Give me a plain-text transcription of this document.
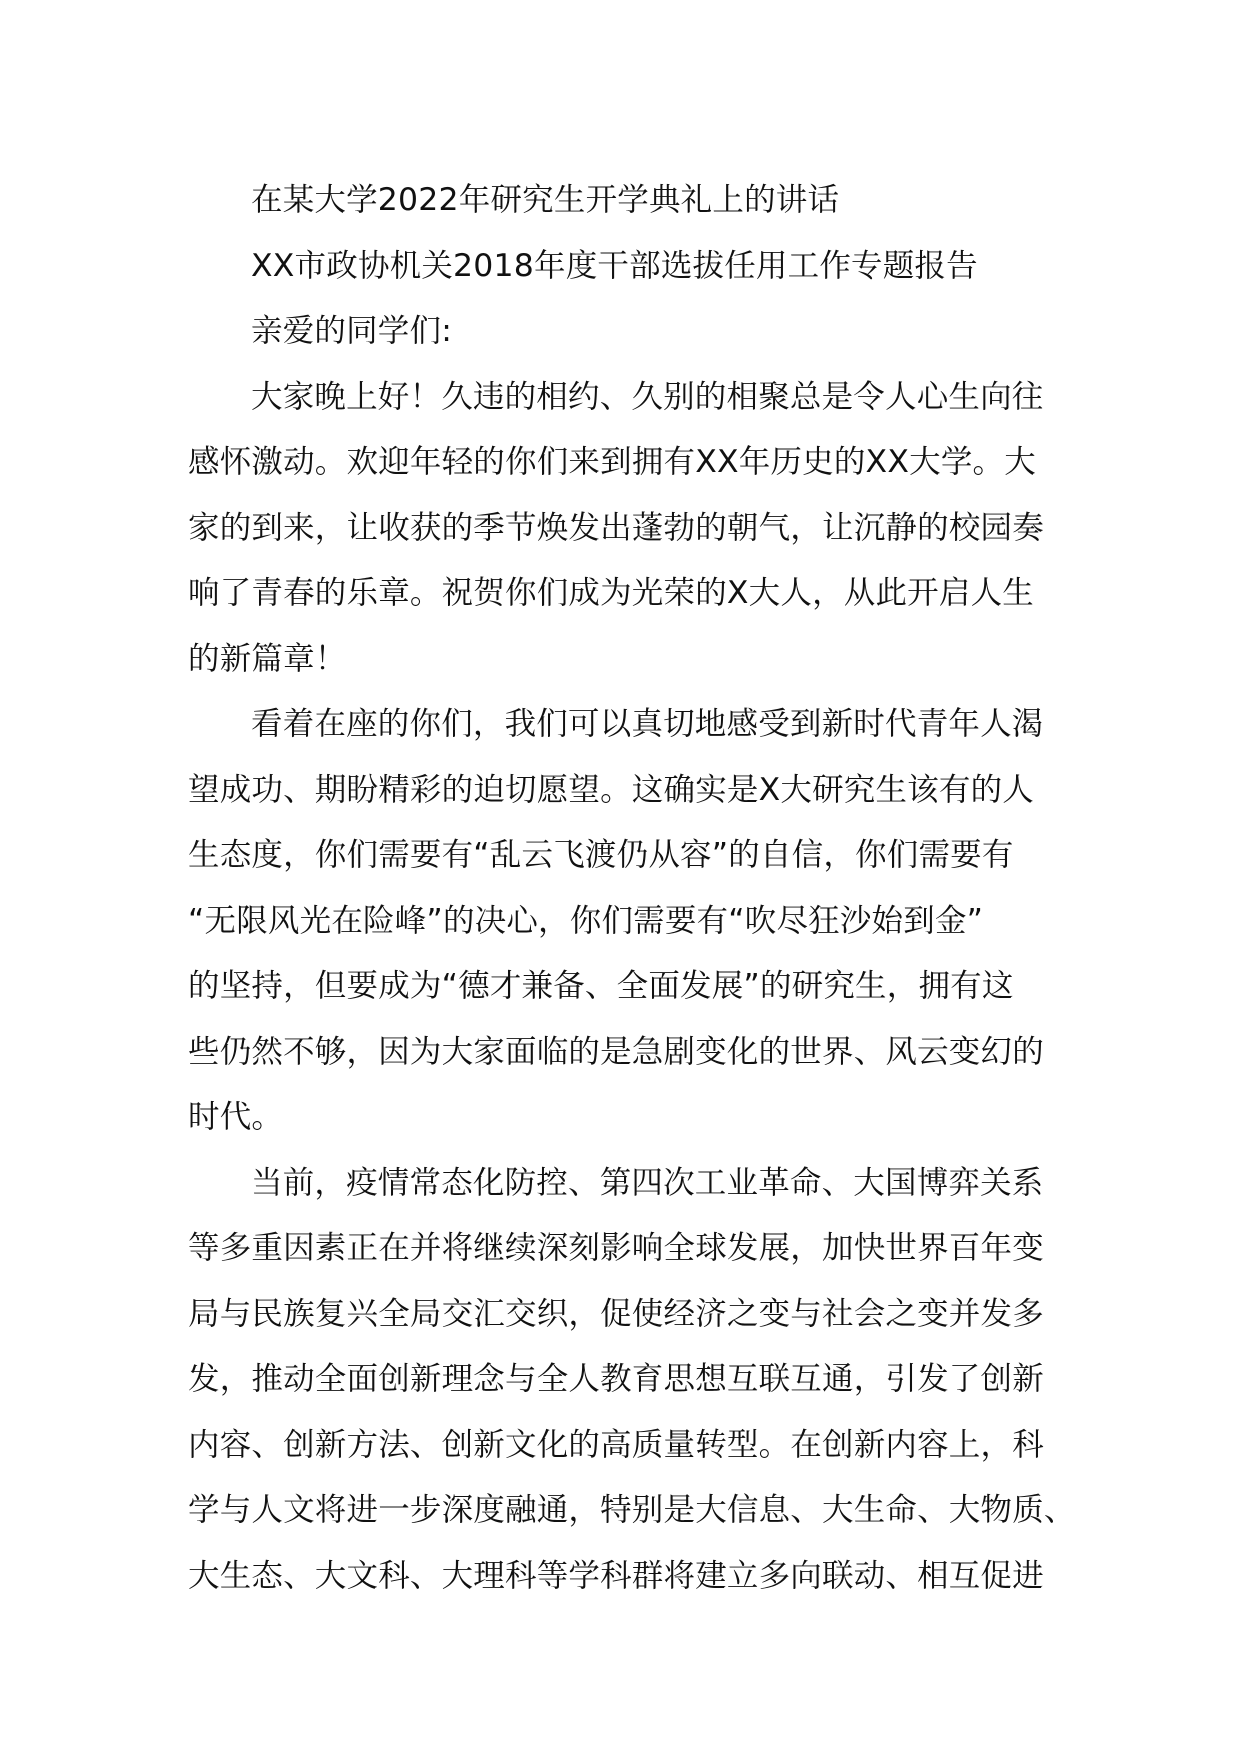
在某大学2022年研究生开学典礼上的讲话
XX市政协机关2018年度干部选拔任用工作专题报告
亲爱的同学们:
大家晚上好！久违的相约、久别的相聚总是令人心生向往
感怀激动。欢迎年轻的你们来到拥有XX年历史的XX大学。大
家的到来，让收获的季节焕发出蓬勃的朝气，让沉静的校园奏
响了青春的乐章。祝贺你们成为光荣的X大人，从此开启人生
的新篇章！
看着在座的你们，我们可以真切地感受到新时代青年人渴
望成功、期盼精彩的迫切愿望。这确实是X大研究生该有的人
生态度，你们需要有“乱云飞渡仍从容”的自信，你们需要有
“无限风光在险峰”的决心，你们需要有“吹尽狂沙始到金”
的坚持，但要成为“德才兼备、全面发展”的研究生，拥有这
些仍然不够，因为大家面临的是急剧变化的世界、风云变幻的
时代。
当前，疫情常态化防控、第四次工业革命、大国博弈关系
等多重因素正在并将继续深刻影响全球发展，加快世界百年变
局与民族复兴全局交汇交织，促使经济之变与社会之变并发多
发，推动全面创新理念与全人教育思想互联互通，引发了创新
内容、创新方法、创新文化的高质量转型。在创新内容上，科
学与人文将进一步深度融通，特别是大信息、大生命、大物质、
大生态、大文科、大理科等学科群将建立多向联动、相互促进
